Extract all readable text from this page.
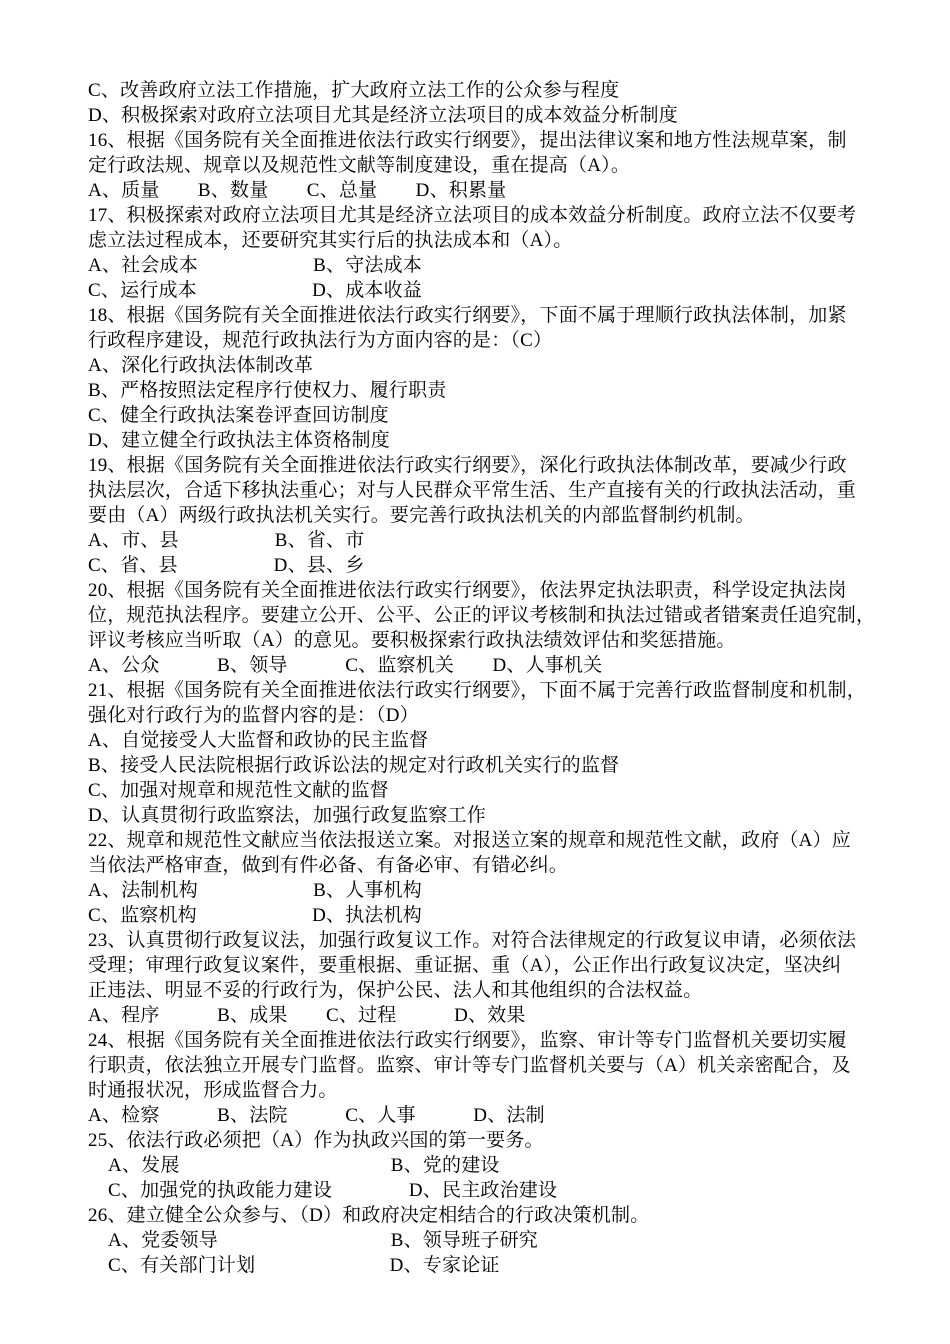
C、改善政府立法工作措施，扩大政府立法工作的公众参与程度
D、积极探索对政府立法项目尤其是经济立法项目的成本效益分析制度
16、根据《国务院有关全面推进依法行政实行纲要》，提出法律议案和地方性法规草案，制
定行政法规、规章以及规范性文献等制度建设，重在提高（A）。
A、质量　　B、数量　　C、总量　　D、积累量
17、积极探索对政府立法项目尤其是经济立法项目的成本效益分析制度。政府立法不仅要考
虑立法过程成本，还要研究其实行后的执法成本和（A）。
A、社会成本　　　　　　B、守法成本
C、运行成本　　　　　　D、成本收益
18、根据《国务院有关全面推进依法行政实行纲要》，下面不属于理顺行政执法体制，加紧
行政程序建设，规范行政执法行为方面内容的是：（C）
A、深化行政执法体制改革
B、严格按照法定程序行使权力、履行职责
C、健全行政执法案卷评查回访制度
D、建立健全行政执法主体资格制度
19、根据《国务院有关全面推进依法行政实行纲要》，深化行政执法体制改革，要减少行政
执法层次，合适下移执法重心；对与人民群众平常生活、生产直接有关的行政执法活动，重
要由（A）两级行政执法机关实行。要完善行政执法机关的内部监督制约机制。
A、市、县　　　　　B、省、市
C、省、县　　　　　D、县、乡
20、根据《国务院有关全面推进依法行政实行纲要》，依法界定执法职责，科学设定执法岗
位，规范执法程序。要建立公开、公平、公正的评议考核制和执法过错或者错案责任追究制，
评议考核应当听取（A）的意见。要积极探索行政执法绩效评估和奖惩措施。
A、公众　　　B、领导　　　C、监察机关　　D、人事机关
21、根据《国务院有关全面推进依法行政实行纲要》，下面不属于完善行政监督制度和机制，
强化对行政行为的监督内容的是：（D）
A、自觉接受人大监督和政协的民主监督
B、接受人民法院根据行政诉讼法的规定对行政机关实行的监督
C、加强对规章和规范性文献的监督
D、认真贯彻行政监察法，加强行政复监察工作
22、规章和规范性文献应当依法报送立案。对报送立案的规章和规范性文献，政府（A）应
当依法严格审查，做到有件必备、有备必审、有错必纠。
A、法制机构　　　　　　B、人事机构
C、监察机构　　　　　　D、执法机构
23、认真贯彻行政复议法，加强行政复议工作。对符合法律规定的行政复议申请，必须依法
受理；审理行政复议案件，要重根据、重证据、重（A），公正作出行政复议决定，坚决纠
正违法、明显不妥的行政行为，保护公民、法人和其他组织的合法权益。
A、程序　　　B、成果　　C、过程　　　D、效果
24、根据《国务院有关全面推进依法行政实行纲要》，监察、审计等专门监督机关要切实履
行职责，依法独立开展专门监督。监察、审计等专门监督机关要与（A）机关亲密配合，及
时通报状况，形成监督合力。
A、检察　　　B、法院　　　C、人事　　　D、法制
25、依法行政必须把（A）作为执政兴国的第一要务。
A、发展　　　　　　　　　　　B、党的建设
C、加强党的执政能力建设　　　　D、民主政治建设
26、建立健全公众参与、（D）和政府决定相结合的行政决策机制。
A、党委领导　　　　　　　　　B、领导班子研究
C、有关部门计划　　　　　　　D、专家论证
